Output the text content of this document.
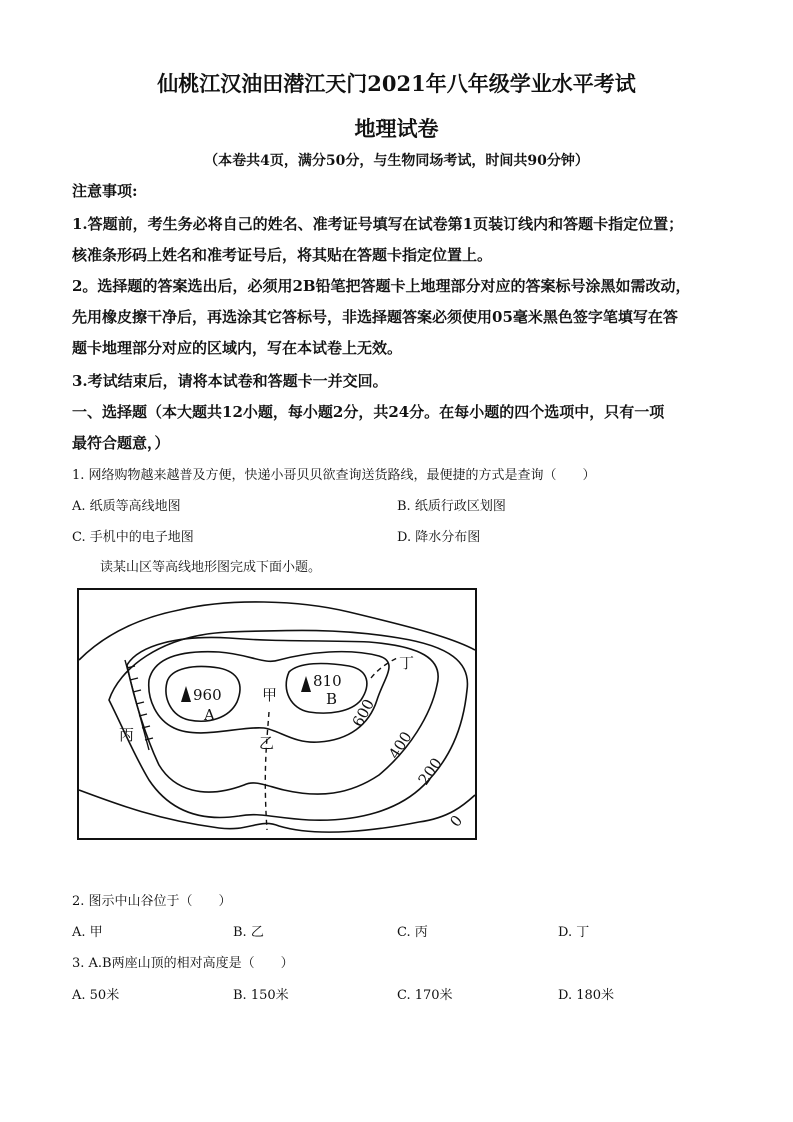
仙桃江汉油田潜江天门2021年八年级学业水平考试
地理试卷
（本卷共4页，满分50分，与生物同场考试，时间共90分钟）
注意事项:
1.答题前，考生务必将自己的姓名、准考证号填写在试卷第1页装订线内和答题卡指定位置；
核准条形码上姓名和准考证号后，将其贴在答题卡指定位置上。
2。选择题的答案选出后，必须用2B铅笔把答题卡上地理部分对应的答案标号涂黑如需改动，
先用橡皮擦干净后，再选涂其它答标号，非选择题答案必须使用05毫米黑色签字笔填写在答
题卡地理部分对应的区域内，写在本试卷上无效。
3.考试结束后，请将本试卷和答题卡一并交回。
一、选择题（本大题共12小题，每小题2分，共24分。在每小题的四个选项中，只有一项
最符合题意，）
1. 网络购物越来越普及方便，快递小哥贝贝欲查询送货路线，最便捷的方式是查询（　　）
A. 纸质等高线地图	B. 纸质行政区划图
C. 手机中的电子地图	D. 降水分布图
读某山区等高线地形图完成下面小题。
960
A
810
B
甲
乙
丙
丁
600
400
200
0
2. 图示中山谷位于（　　）
A. 甲	B. 乙	C. 丙	D. 丁
3. A.B两座山顶的相对高度是（　　）
A. 50米	B. 150米	C. 170米	D. 180米
